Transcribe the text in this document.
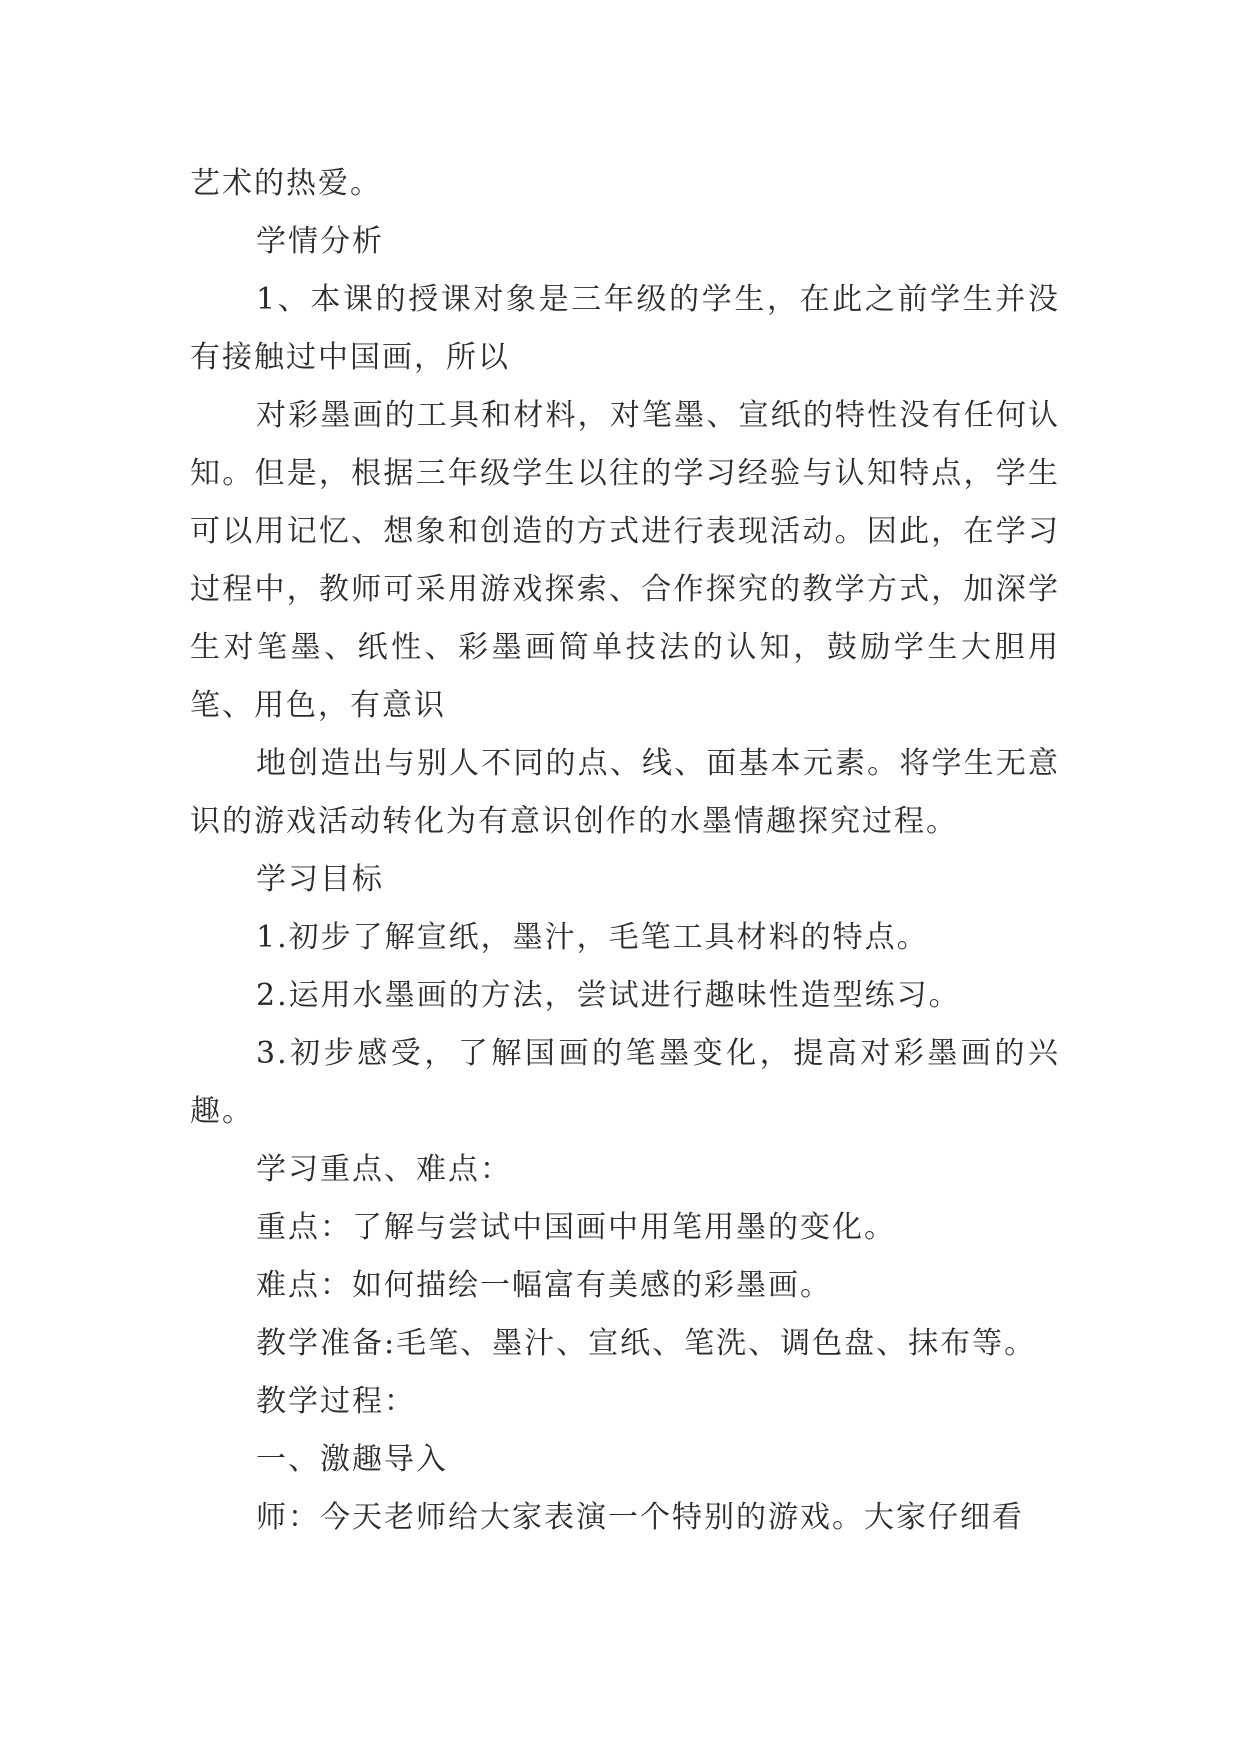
艺术的热爱。

学情分析

1、本课的授课对象是三年级的学生，在此之前学生并没有接触过中国画，所以

对彩墨画的工具和材料，对笔墨、宣纸的特性没有任何认知。但是，根据三年级学生以往的学习经验与认知特点，学生可以用记忆、想象和创造的方式进行表现活动。因此，在学习过程中，教师可采用游戏探索、合作探究的教学方式，加深学生对笔墨、纸性、彩墨画简单技法的认知，鼓励学生大胆用笔、用色，有意识

地创造出与别人不同的点、线、面基本元素。将学生无意识的游戏活动转化为有意识创作的水墨情趣探究过程。

学习目标

1.初步了解宣纸，墨汁，毛笔工具材料的特点。

2.运用水墨画的方法，尝试进行趣味性造型练习。

3.初步感受，了解国画的笔墨变化，提高对彩墨画的兴趣。

学习重点、难点：

重点：了解与尝试中国画中用笔用墨的变化。

难点：如何描绘一幅富有美感的彩墨画。

教学准备:毛笔、墨汁、宣纸、笔洗、调色盘、抹布等。

教学过程：

一、激趣导入

师：今天老师给大家表演一个特别的游戏。大家仔细看
